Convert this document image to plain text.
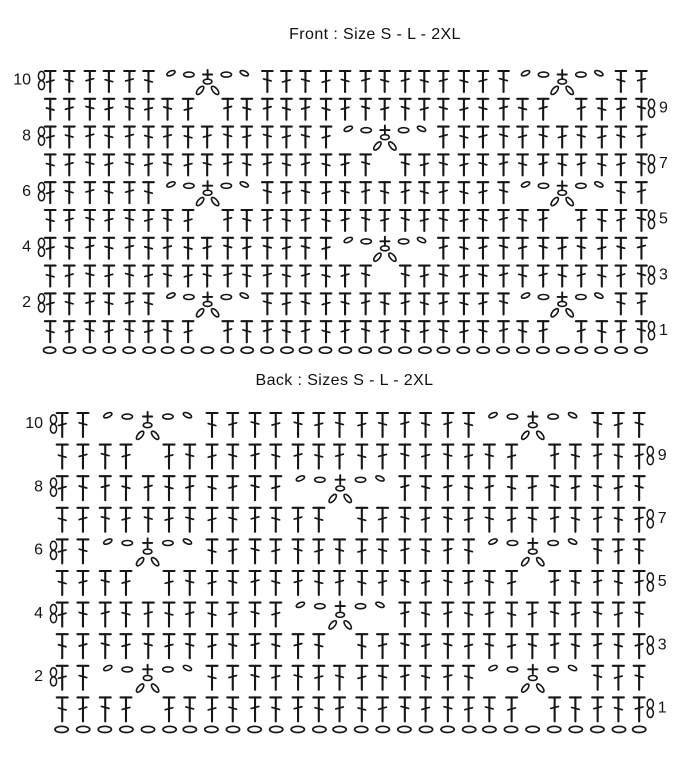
Front : Size S - L - 2XL
10
9
8
7
6
5
4
3
2
1
Back : Sizes S - L - 2XL
10
9
8
7
6
5
4
3
2
1
